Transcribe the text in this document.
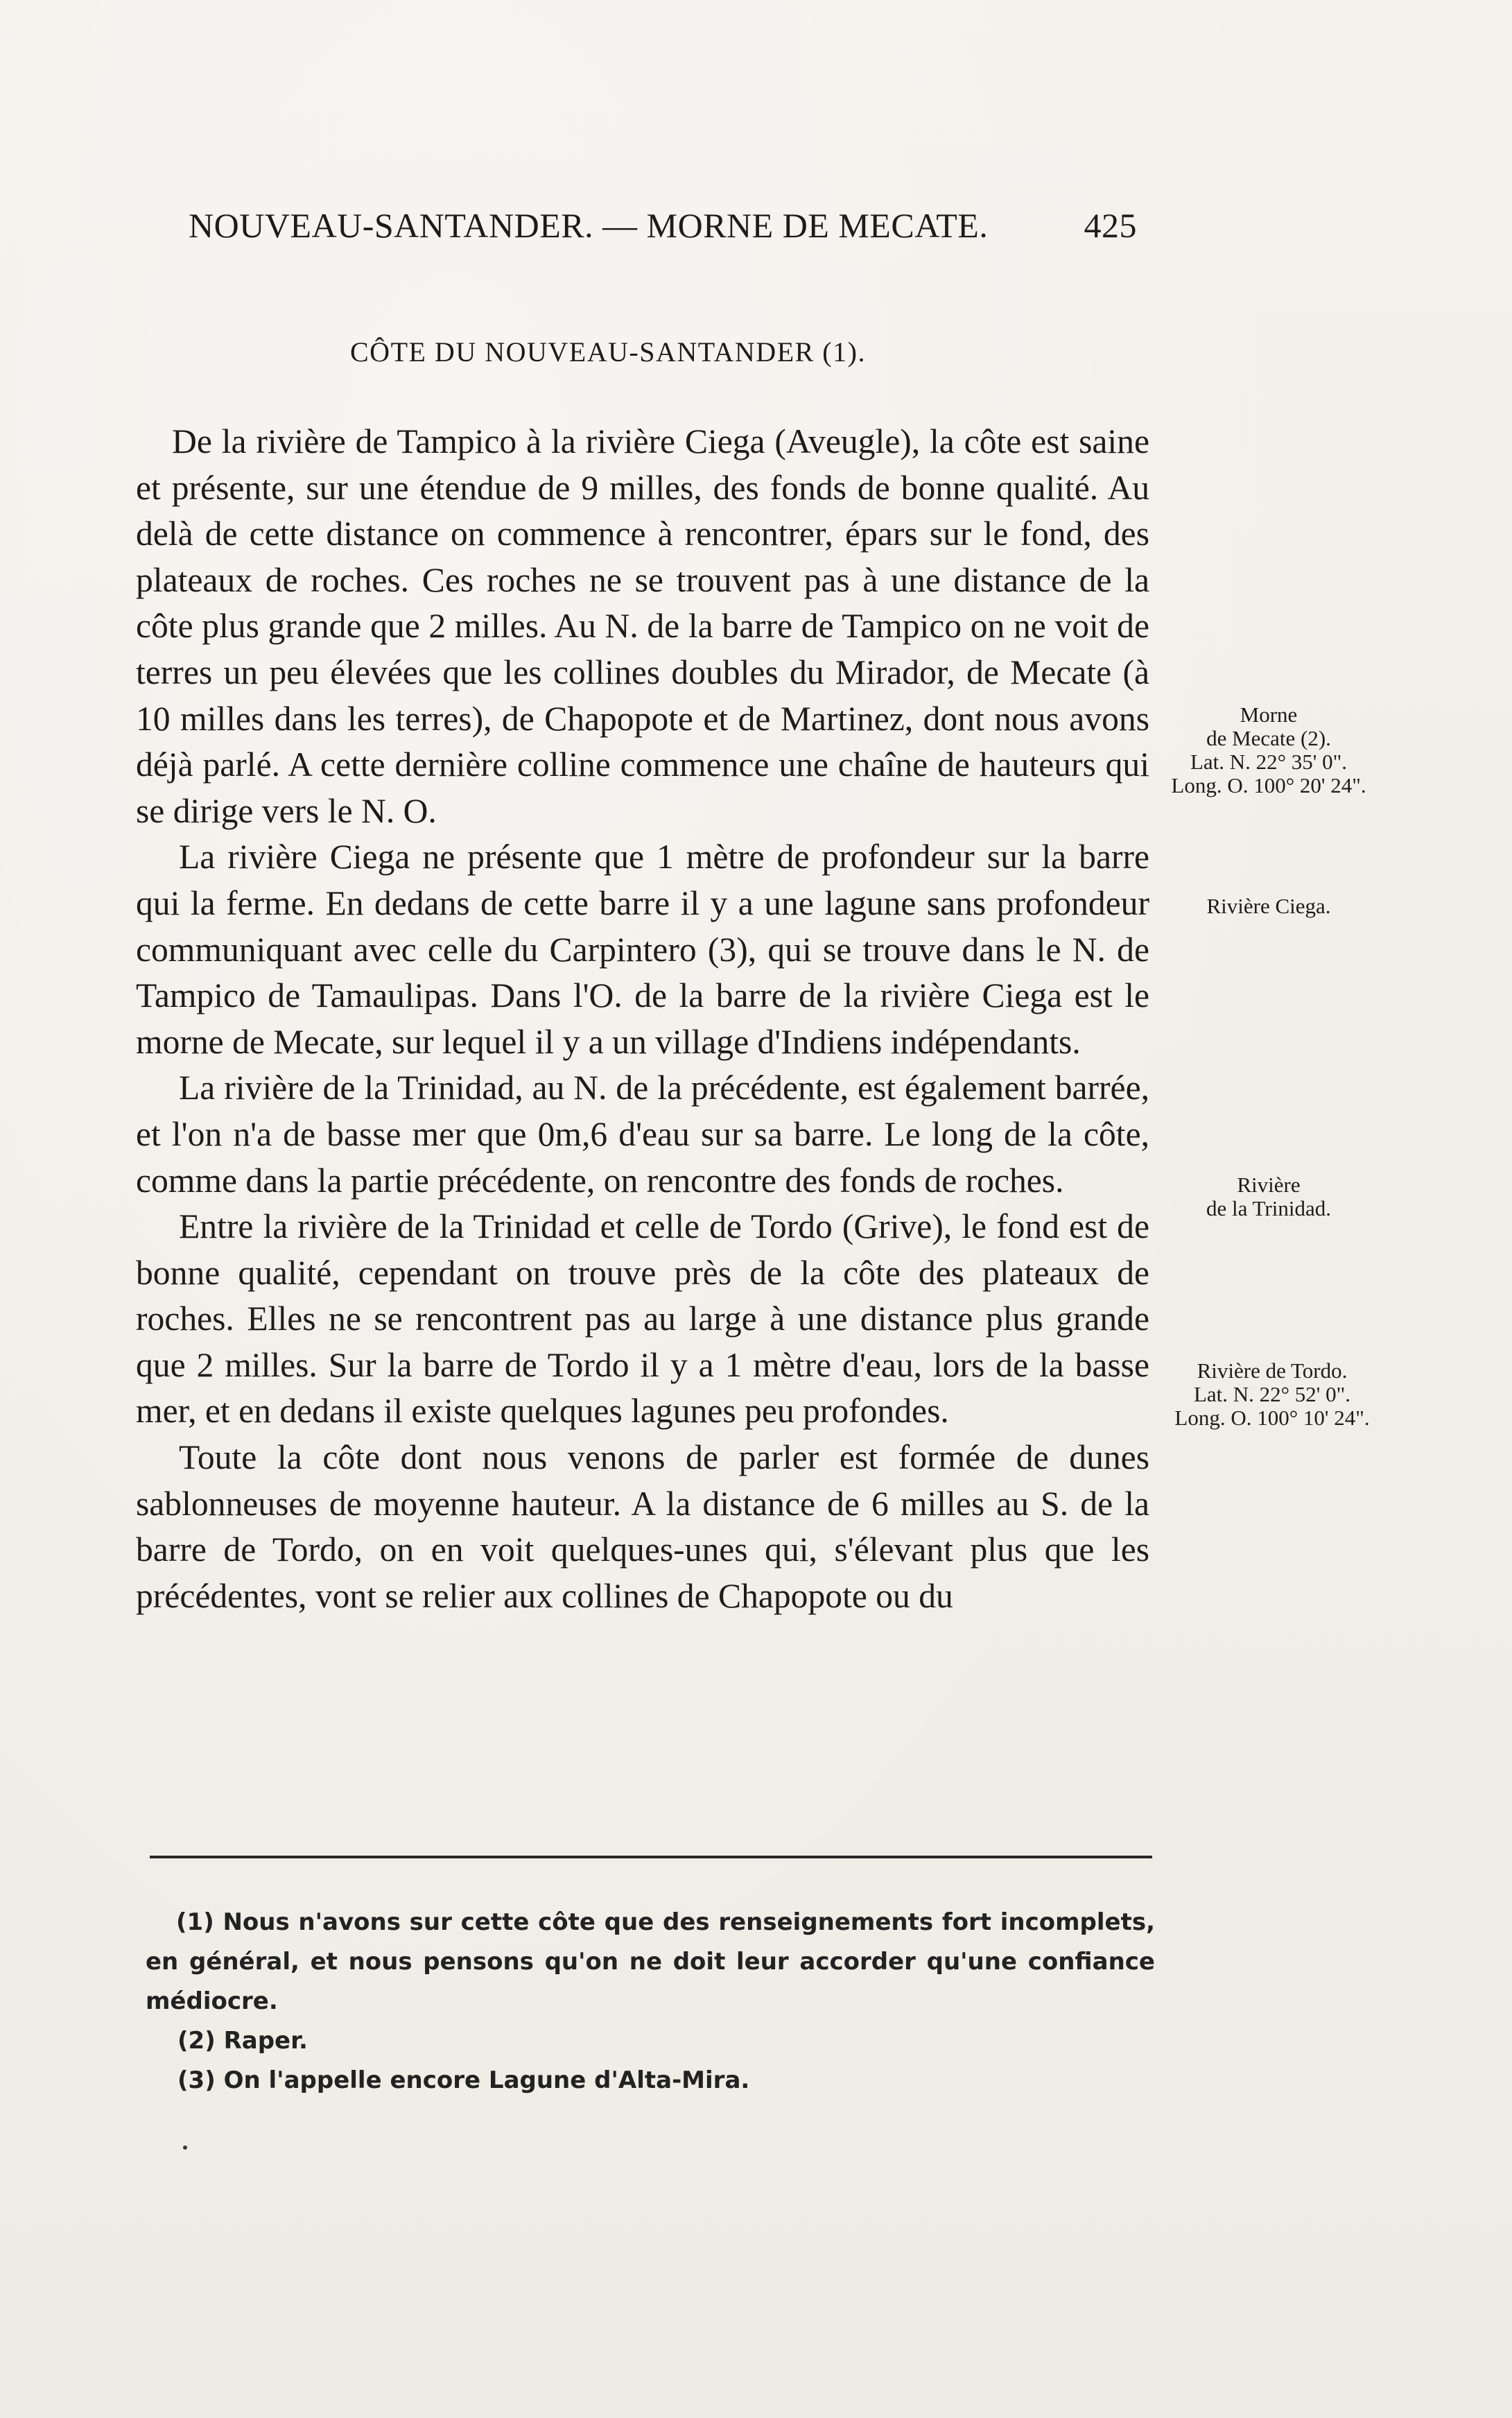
NOUVEAU-SANTANDER. — MORNE DE MECATE.	425
CÔTE DU NOUVEAU-SANTANDER (1).

De la rivière de Tampico à la rivière Ciega (Aveugle), la côte est saine et présente, sur une étendue de 9 milles, des fonds de bonne qualité. Au delà de cette distance on commence à rencontrer, épars sur le fond, des plateaux de roches. Ces roches ne se trouvent pas à une distance de la côte plus grande que 2 milles. Au N. de la barre de Tampico on ne voit de terres un peu élevées que les collines doubles du Mirador, de Mecate (à 10 milles dans les terres), de Chapopote et de Martinez, dont nous avons déjà parlé. A cette dernière colline commence une chaîne de hauteurs qui se dirige vers le N. O.

La rivière Ciega ne présente que 1 mètre de profondeur sur la barre qui la ferme. En dedans de cette barre il y a une lagune sans profondeur communiquant avec celle du Carpintero (3), qui se trouve dans le N. de Tampico de Tamaulipas. Dans l'O. de la barre de la rivière Ciega est le morne de Mecate, sur lequel il y a un village d'Indiens indépendants.

La rivière de la Trinidad, au N. de la précédente, est également barrée, et l'on n'a de basse mer que 0m,6 d'eau sur sa barre. Le long de la côte, comme dans la partie précédente, on rencontre des fonds de roches.

Entre la rivière de la Trinidad et celle de Tordo (Grive), le fond est de bonne qualité, cependant on trouve près de la côte des plateaux de roches. Elles ne se rencontrent pas au large à une distance plus grande que 2 milles. Sur la barre de Tordo il y a 1 mètre d'eau, lors de la basse mer, et en dedans il existe quelques lagunes peu profondes.

Toute la côte dont nous venons de parler est formée de dunes sablonneuses de moyenne hauteur. A la distance de 6 milles au S. de la barre de Tordo, on en voit quelques-unes qui, s'élevant plus que les précédentes, vont se relier aux collines de Chapopote ou du

Morne
de Mecate (2).
Lat. N. 22° 35' 0".
Long. O. 100° 20' 24".
Rivière Ciega.
Rivière
de la Trinidad.
Rivière de Tordo.
Lat. N. 22° 52' 0".
Long. O. 100° 10' 24".

(1) Nous n'avons sur cette côte que des renseignements fort incomplets, en général, et nous pensons qu'on ne doit leur accorder qu'une confiance médiocre.

(2) Raper.

(3) On l'appelle encore Lagune d'Alta-Mira.
